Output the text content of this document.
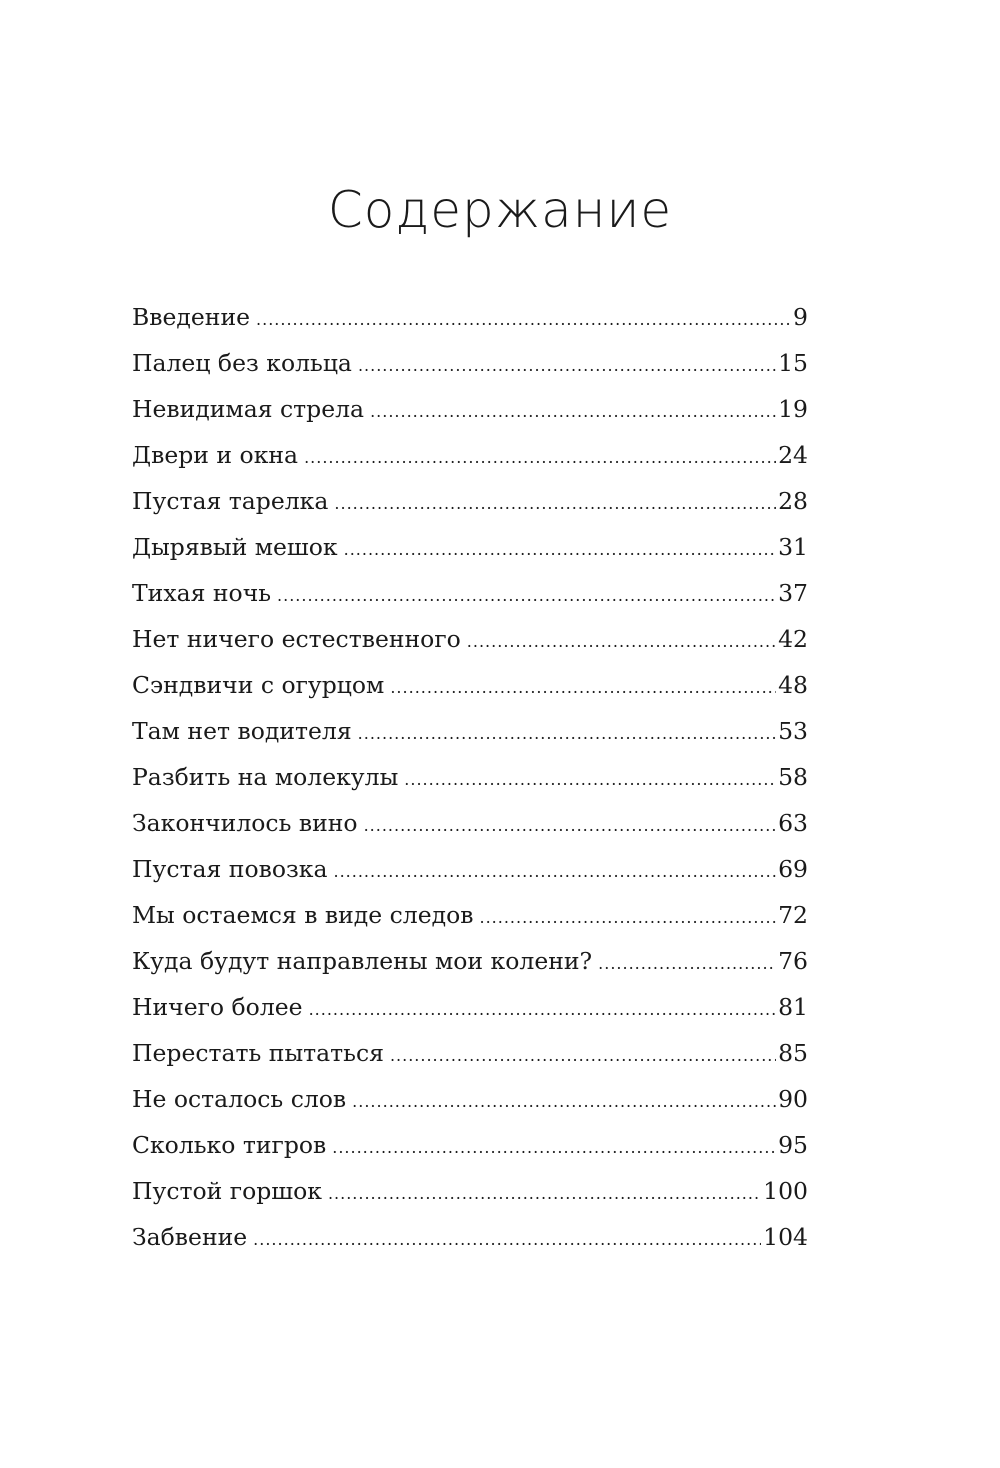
Содержание
Введение .....	9
Палец без кольца .....	15
Невидимая стрела .....	19
Двери и окна .....	24
Пустая тарелка .....	28
Дырявый мешок .....	31
Тихая ночь .....	37
Нет ничего естественного .....	42
Сэндвичи с огурцом .....	48
Там нет водителя .....	53
Разбить на молекулы .....	58
Закончилось вино .....	63
Пустая повозка .....	69
Мы остаемся в виде следов .....	72
Куда будут направлены мои колени? .....	76
Ничего более .....	81
Перестать пытаться .....	85
Не осталось слов .....	90
Сколько тигров .....	95
Пустой горшок .....	100
Забвение .....	104
